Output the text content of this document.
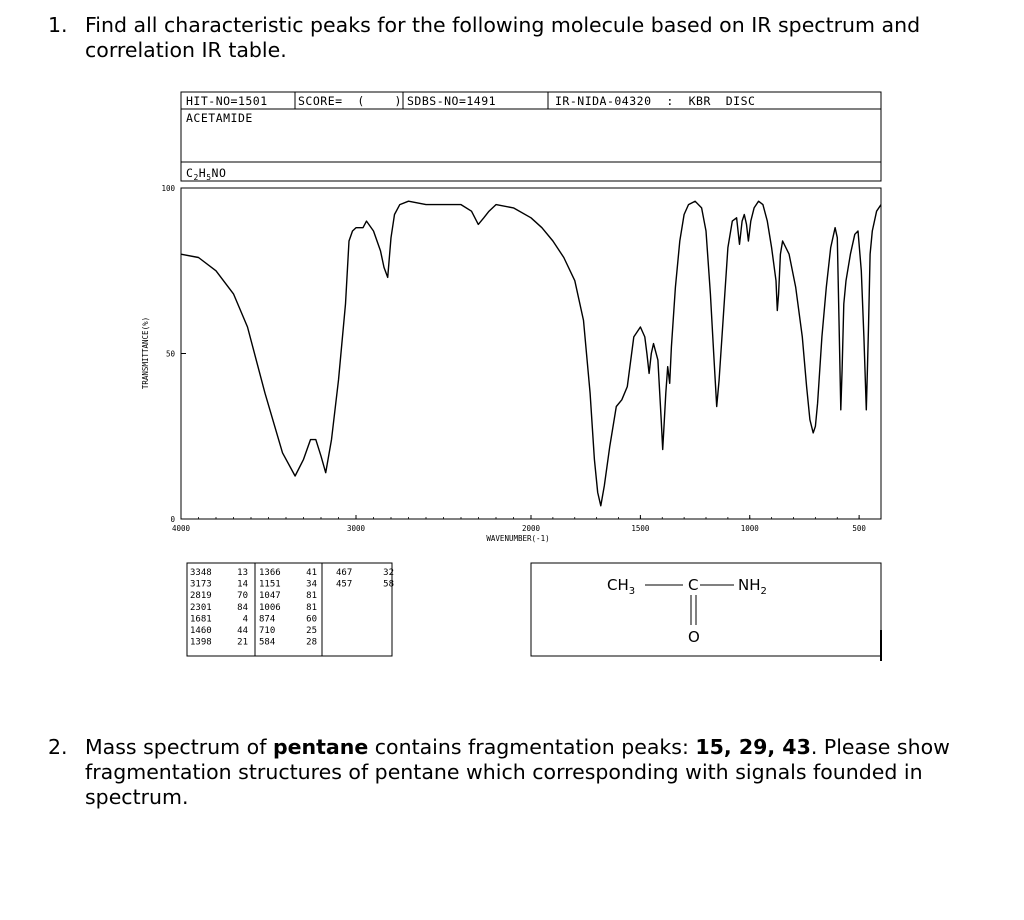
1. Find all characteristic peaks for the following molecule based on IR spectrum and correlation IR table.
HIT-NO=1501	SCORE=  (    ) SDBS-NO=1491	IR-NIDA-04320  :  KBR  DISC
ACETAMIDE
$C_2H_5NO$
100
50
0
4000	3000	2000	1500	1000	500
TRANSMITTANCE(%)
WAVENUMBER(-1)
3348	13
3173	14
2819	70
2301	84
1681	4
1460	44
1398	21
1366	41
1151	34
1047	81
1006	81
874	60
710	25
584	28
467	32
457	58	$CH_3$	C	$NH_2$
O
2. Mass spectrum of pentane contains fragmentation peaks: 15, 29, 43. Please show fragmentation structures of pentane which corresponding with signals founded in spectrum.
